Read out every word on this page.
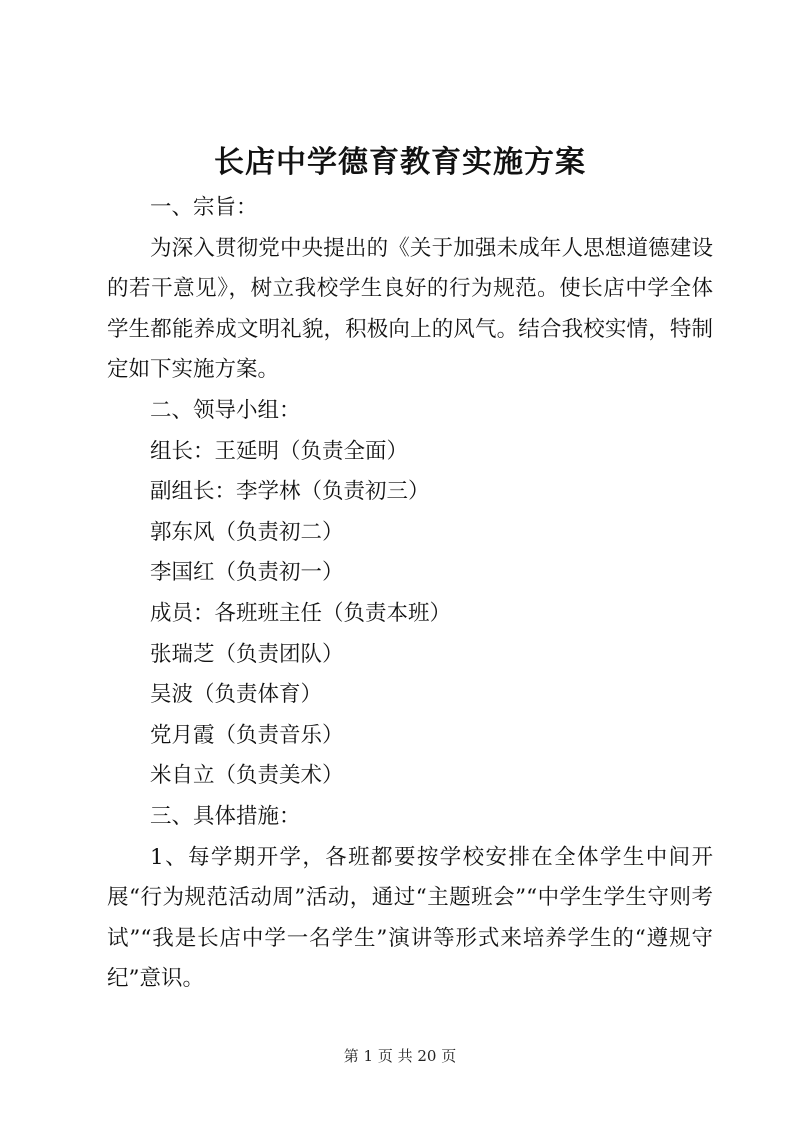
长店中学德育教育实施方案

一、宗旨：

为深入贯彻党中央提出的《关于加强未成年人思想道德建设的若干意见》，树立我校学生良好的行为规范。使长店中学全体学生都能养成文明礼貌，积极向上的风气。结合我校实情，特制定如下实施方案。

二、领导小组：

组长：王延明（负责全面）

副组长：李学林（负责初三）

郭东风（负责初二）

李国红（负责初一）

成员：各班班主任（负责本班）

张瑞芝（负责团队）

吴波（负责体育）

党月霞（负责音乐）

米自立（负责美术）

三、具体措施：

1、每学期开学，各班都要按学校安排在全体学生中间开展“行为规范活动周”活动，通过“主题班会”“中学生学生守则考试”“我是长店中学一名学生”演讲等形式来培养学生的“遵规守纪”意识。

第 1 页 共 20 页
